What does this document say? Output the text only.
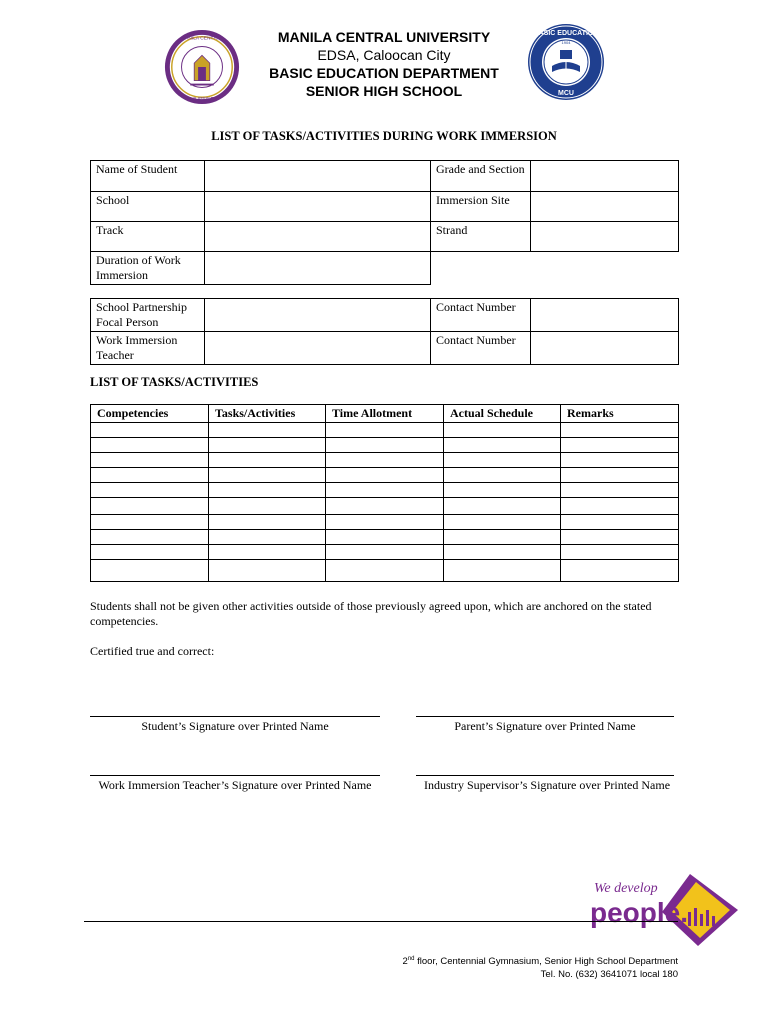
MANILA CENTRAL
PHILIPPINES
MANILA CENTRAL UNIVERSITY
EDSA, Caloocan City
BASIC EDUCATION DEPARTMENT
SENIOR HIGH SCHOOL
1904
BASIC EDUCATION
MCU
LIST OF TASKS/ACTIVITIES DURING WORK IMMERSION
Name of Student		Grade and Section	
School		Immersion Site	
Track		Strand	
Duration of Work Immersion			
School Partnership Focal Person		Contact Number	
Work Immersion Teacher		Contact Number	
LIST OF TASKS/ACTIVITIES
Competencies	Tasks/Activities	Time Allotment	Actual Schedule	Remarks

Students shall not be given other activities outside of those previously agreed upon, which are anchored on the stated competencies.
Certified true and correct:
Student’s Signature over Printed Name	Parent’s Signature over Printed Name
Work Immersion Teacher’s Signature over Printed Name	Industry Supervisor’s Signature over Printed Name
We develop
people.
2nd floor, Centennial Gymnasium, Senior High School Department
Tel. No. (632) 3641071 local 180
